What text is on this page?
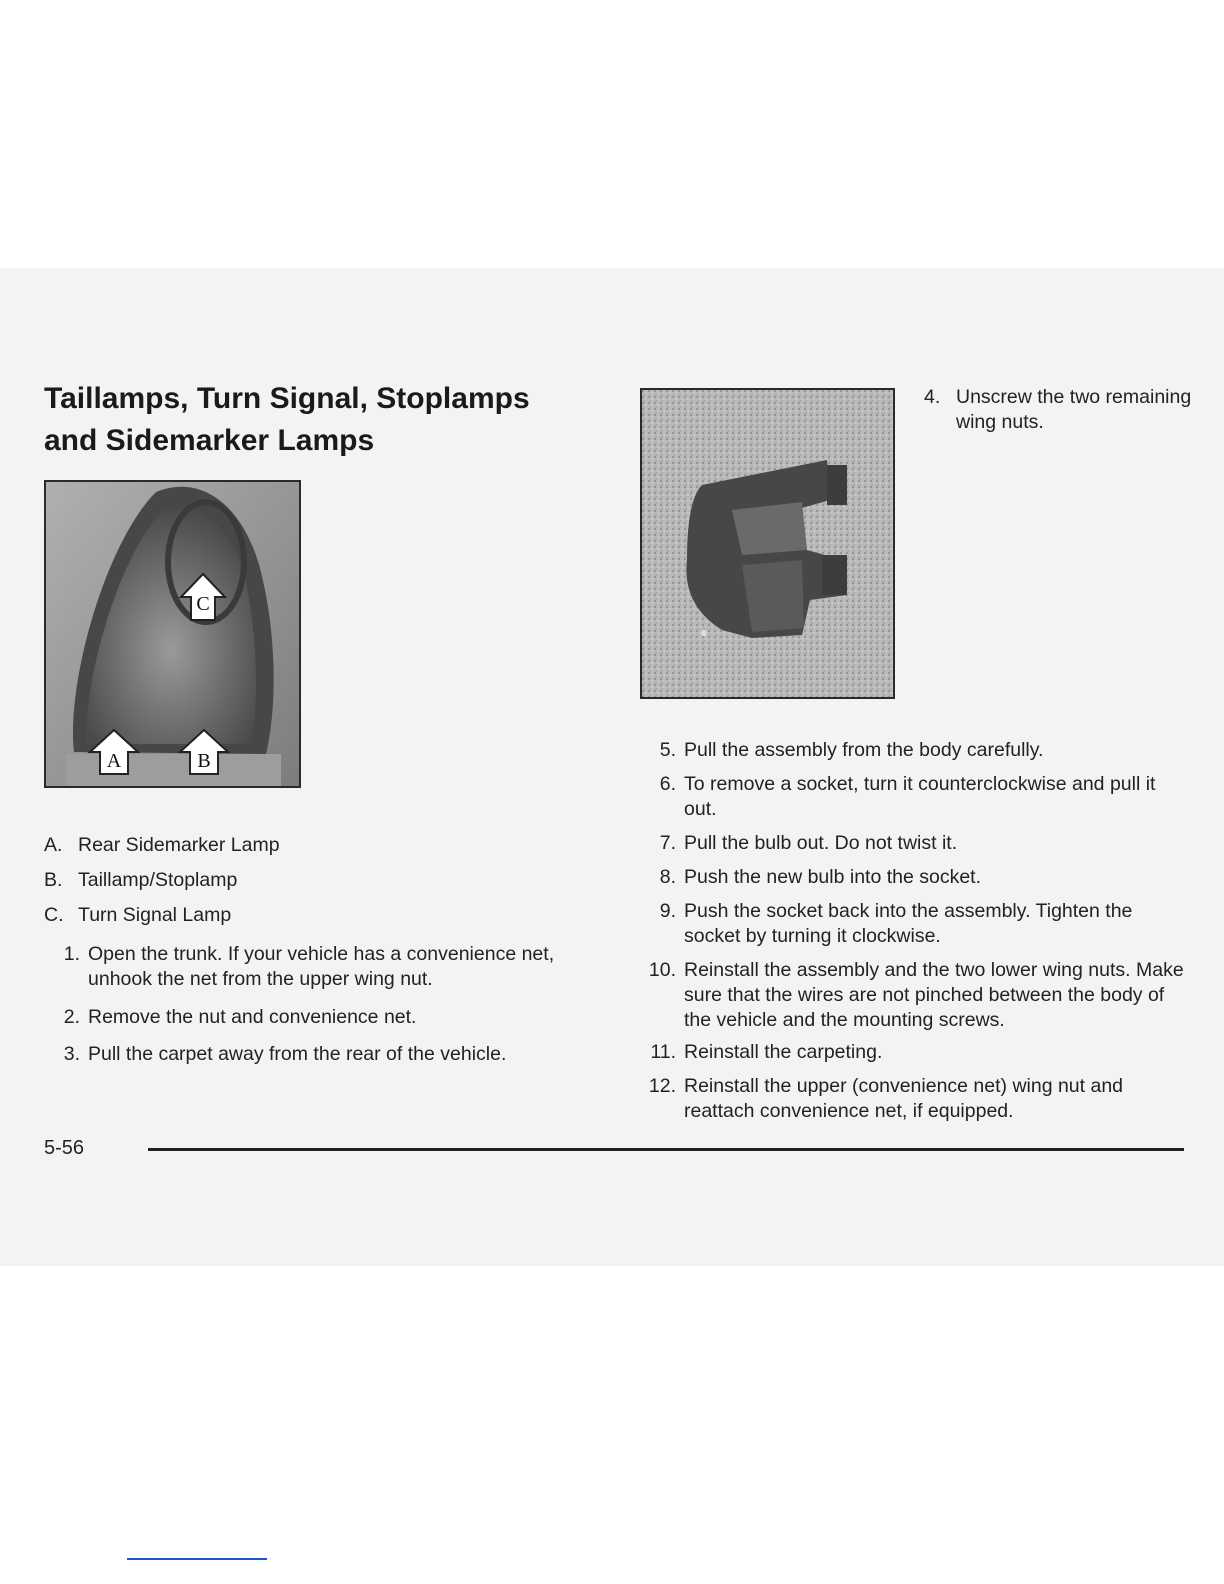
Taillamps, Turn Signal, Stoplamps
and Sidemarker Lamps
C
A	B
A. Rear Sidemarker Lamp
B. Taillamp/Stoplamp
C. Turn Signal Lamp
1. Open the trunk. If your vehicle has a convenience net, unhook the net from the upper wing nut.
2. Remove the nut and convenience net.
3. Pull the carpet away from the rear of the vehicle.
4. Unscrew the two remaining wing nuts.
5. Pull the assembly from the body carefully.
6. To remove a socket, turn it counterclockwise and pull it out.
7. Pull the bulb out. Do not twist it.
8. Push the new bulb into the socket.
9. Push the socket back into the assembly. Tighten the socket by turning it clockwise.
10. Reinstall the assembly and the two lower wing nuts. Make sure that the wires are not pinched between the body of the vehicle and the mounting screws.
11. Reinstall the carpeting.
12. Reinstall the upper (convenience net) wing nut and reattach convenience net, if equipped.
5-56
